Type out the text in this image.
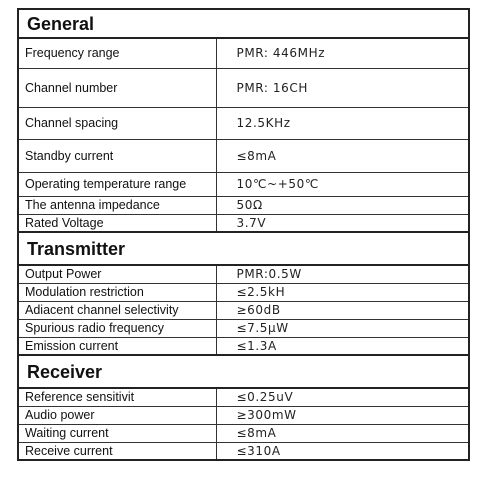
General	
Frequency range	PMR: 446MHz
Channel number	PMR: 16CH
Channel spacing	12.5KHz
Standby current	≤8mA
Operating temperature range	10℃~+50℃
The antenna impedance	50Ω
Rated Voltage	3.7V
Transmitter	
Output Power	PMR:0.5W
Modulation restriction	≤2.5kH
Adiacent channel selectivity	≥60dB
Spurious radio frequency	≤7.5μW
Emission current	≤1.3A
Receiver	
Reference sensitivit	≤0.25uV
Audio power	≥300mW
Waiting current	≤8mA
Receive current	≤310A
